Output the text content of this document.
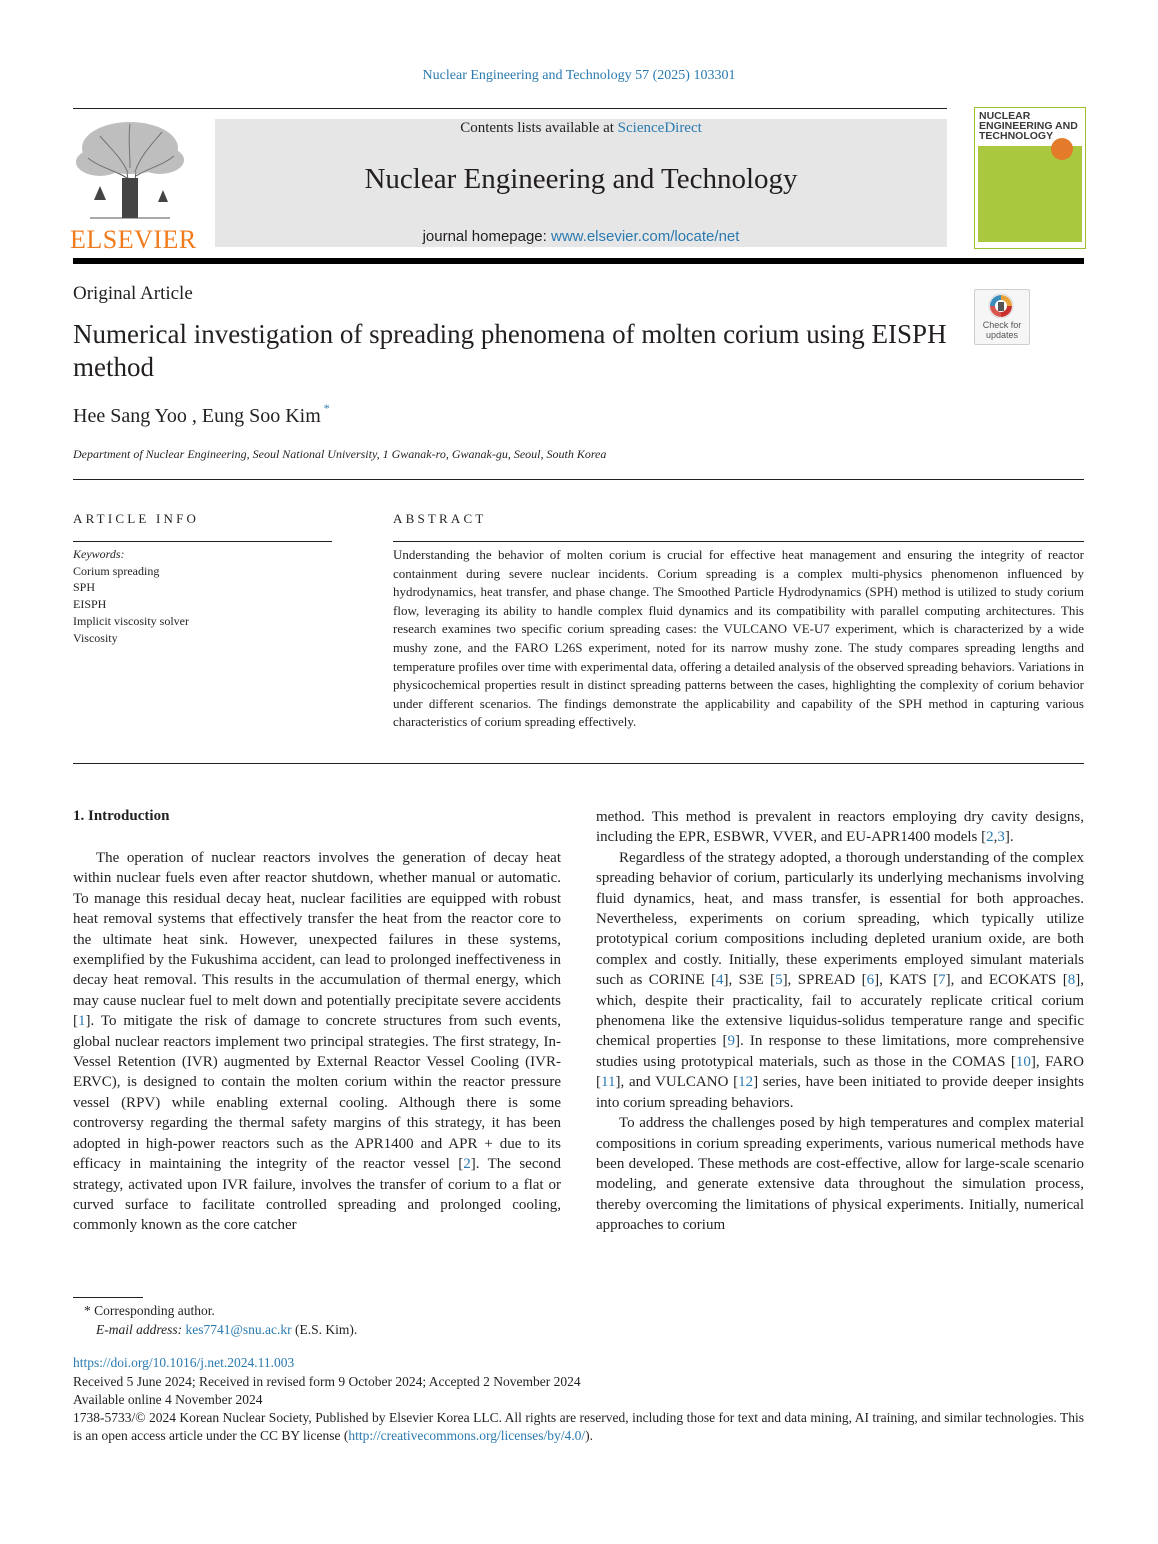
Nuclear Engineering and Technology 57 (2025) 103301
ELSEVIER
Contents lists available at ScienceDirect
Nuclear Engineering and Technology
journal homepage: www.elsevier.com/locate/net
NUCLEAR
ENGINEERING AND
TECHNOLOGY
Original Article
Numerical investigation of spreading phenomena of molten corium using EISPH method
Check for
updates
Hee Sang Yoo , Eung Soo Kim *
Department of Nuclear Engineering, Seoul National University, 1 Gwanak-ro, Gwanak-gu, Seoul, South Korea
ARTICLE INFO	ABSTRACT
Keywords:
Corium spreading
SPH
EISPH
Implicit viscosity solver
Viscosity
Understanding the behavior of molten corium is crucial for effective heat management and ensuring the integrity of reactor containment during severe nuclear incidents. Corium spreading is a complex multi-physics phenomenon influenced by hydrodynamics, heat transfer, and phase change. The Smoothed Particle Hydrodynamics (SPH) method is utilized to study corium flow, leveraging its ability to handle complex fluid dynamics and its compatibility with parallel computing architectures. This research examines two specific corium spreading cases: the VULCANO VE-U7 experiment, which is characterized by a wide mushy zone, and the FARO L26S experiment, noted for its narrow mushy zone. The study compares spreading lengths and temperature profiles over time with experimental data, offering a detailed analysis of the observed spreading behaviors. Variations in physicochemical properties result in distinct spreading patterns between the cases, highlighting the complexity of corium behavior under different scenarios. The findings demonstrate the applicability and capability of the SPH method in capturing various characteristics of corium spreading effectively.
1. Introduction

The operation of nuclear reactors involves the generation of decay heat within nuclear fuels even after reactor shutdown, whether manual or automatic. To manage this residual decay heat, nuclear facilities are equipped with robust heat removal systems that effectively transfer the heat from the reactor core to the ultimate heat sink. However, unexpected failures in these systems, exemplified by the Fukushima accident, can lead to prolonged ineffectiveness in decay heat removal. This results in the accumulation of thermal energy, which may cause nuclear fuel to melt down and potentially precipitate severe accidents [1]. To mitigate the risk of damage to concrete structures from such events, global nuclear reactors implement two principal strategies. The first strategy, In-Vessel Retention (IVR) augmented by External Reactor Vessel Cooling (IVR-ERVC), is designed to contain the molten corium within the reactor pressure vessel (RPV) while enabling external cooling. Although there is some controversy regarding the thermal safety margins of this strategy, it has been adopted in high-power reactors such as the APR1400 and APR + due to its efficacy in maintaining the integrity of the reactor vessel [2]. The second strategy, activated upon IVR failure, involves the transfer of corium to a flat or curved surface to facilitate controlled spreading and prolonged cooling, commonly known as the core catcher

method. This method is prevalent in reactors employing dry cavity designs, including the EPR, ESBWR, VVER, and EU-APR1400 models [2,3].

Regardless of the strategy adopted, a thorough understanding of the complex spreading behavior of corium, particularly its underlying mechanisms involving fluid dynamics, heat, and mass transfer, is essential for both approaches. Nevertheless, experiments on corium spreading, which typically utilize prototypical corium compositions including depleted uranium oxide, are both complex and costly. Initially, these experiments employed simulant materials such as CORINE [4], S3E [5], SPREAD [6], KATS [7], and ECOKATS [8], which, despite their practicality, fail to accurately replicate critical corium phenomena like the extensive liquidus-solidus temperature range and specific chemical properties [9]. In response to these limitations, more comprehensive studies using prototypical materials, such as those in the COMAS [10], FARO [11], and VULCANO [12] series, have been initiated to provide deeper insights into corium spreading behaviors.

To address the challenges posed by high temperatures and complex material compositions in corium spreading experiments, various numerical methods have been developed. These methods are cost-effective, allow for large-scale scenario modeling, and generate extensive data throughout the simulation process, thereby overcoming the limitations of physical experiments. Initially, numerical approaches to corium

* Corresponding author.
E-mail address: kes7741@snu.ac.kr (E.S. Kim).
https://doi.org/10.1016/j.net.2024.11.003
Received 5 June 2024; Received in revised form 9 October 2024; Accepted 2 November 2024
Available online 4 November 2024
1738-5733/© 2024 Korean Nuclear Society, Published by Elsevier Korea LLC. All rights are reserved, including those for text and data mining, AI training, and similar technologies. This is an open access article under the CC BY license (http://creativecommons.org/licenses/by/4.0/).
